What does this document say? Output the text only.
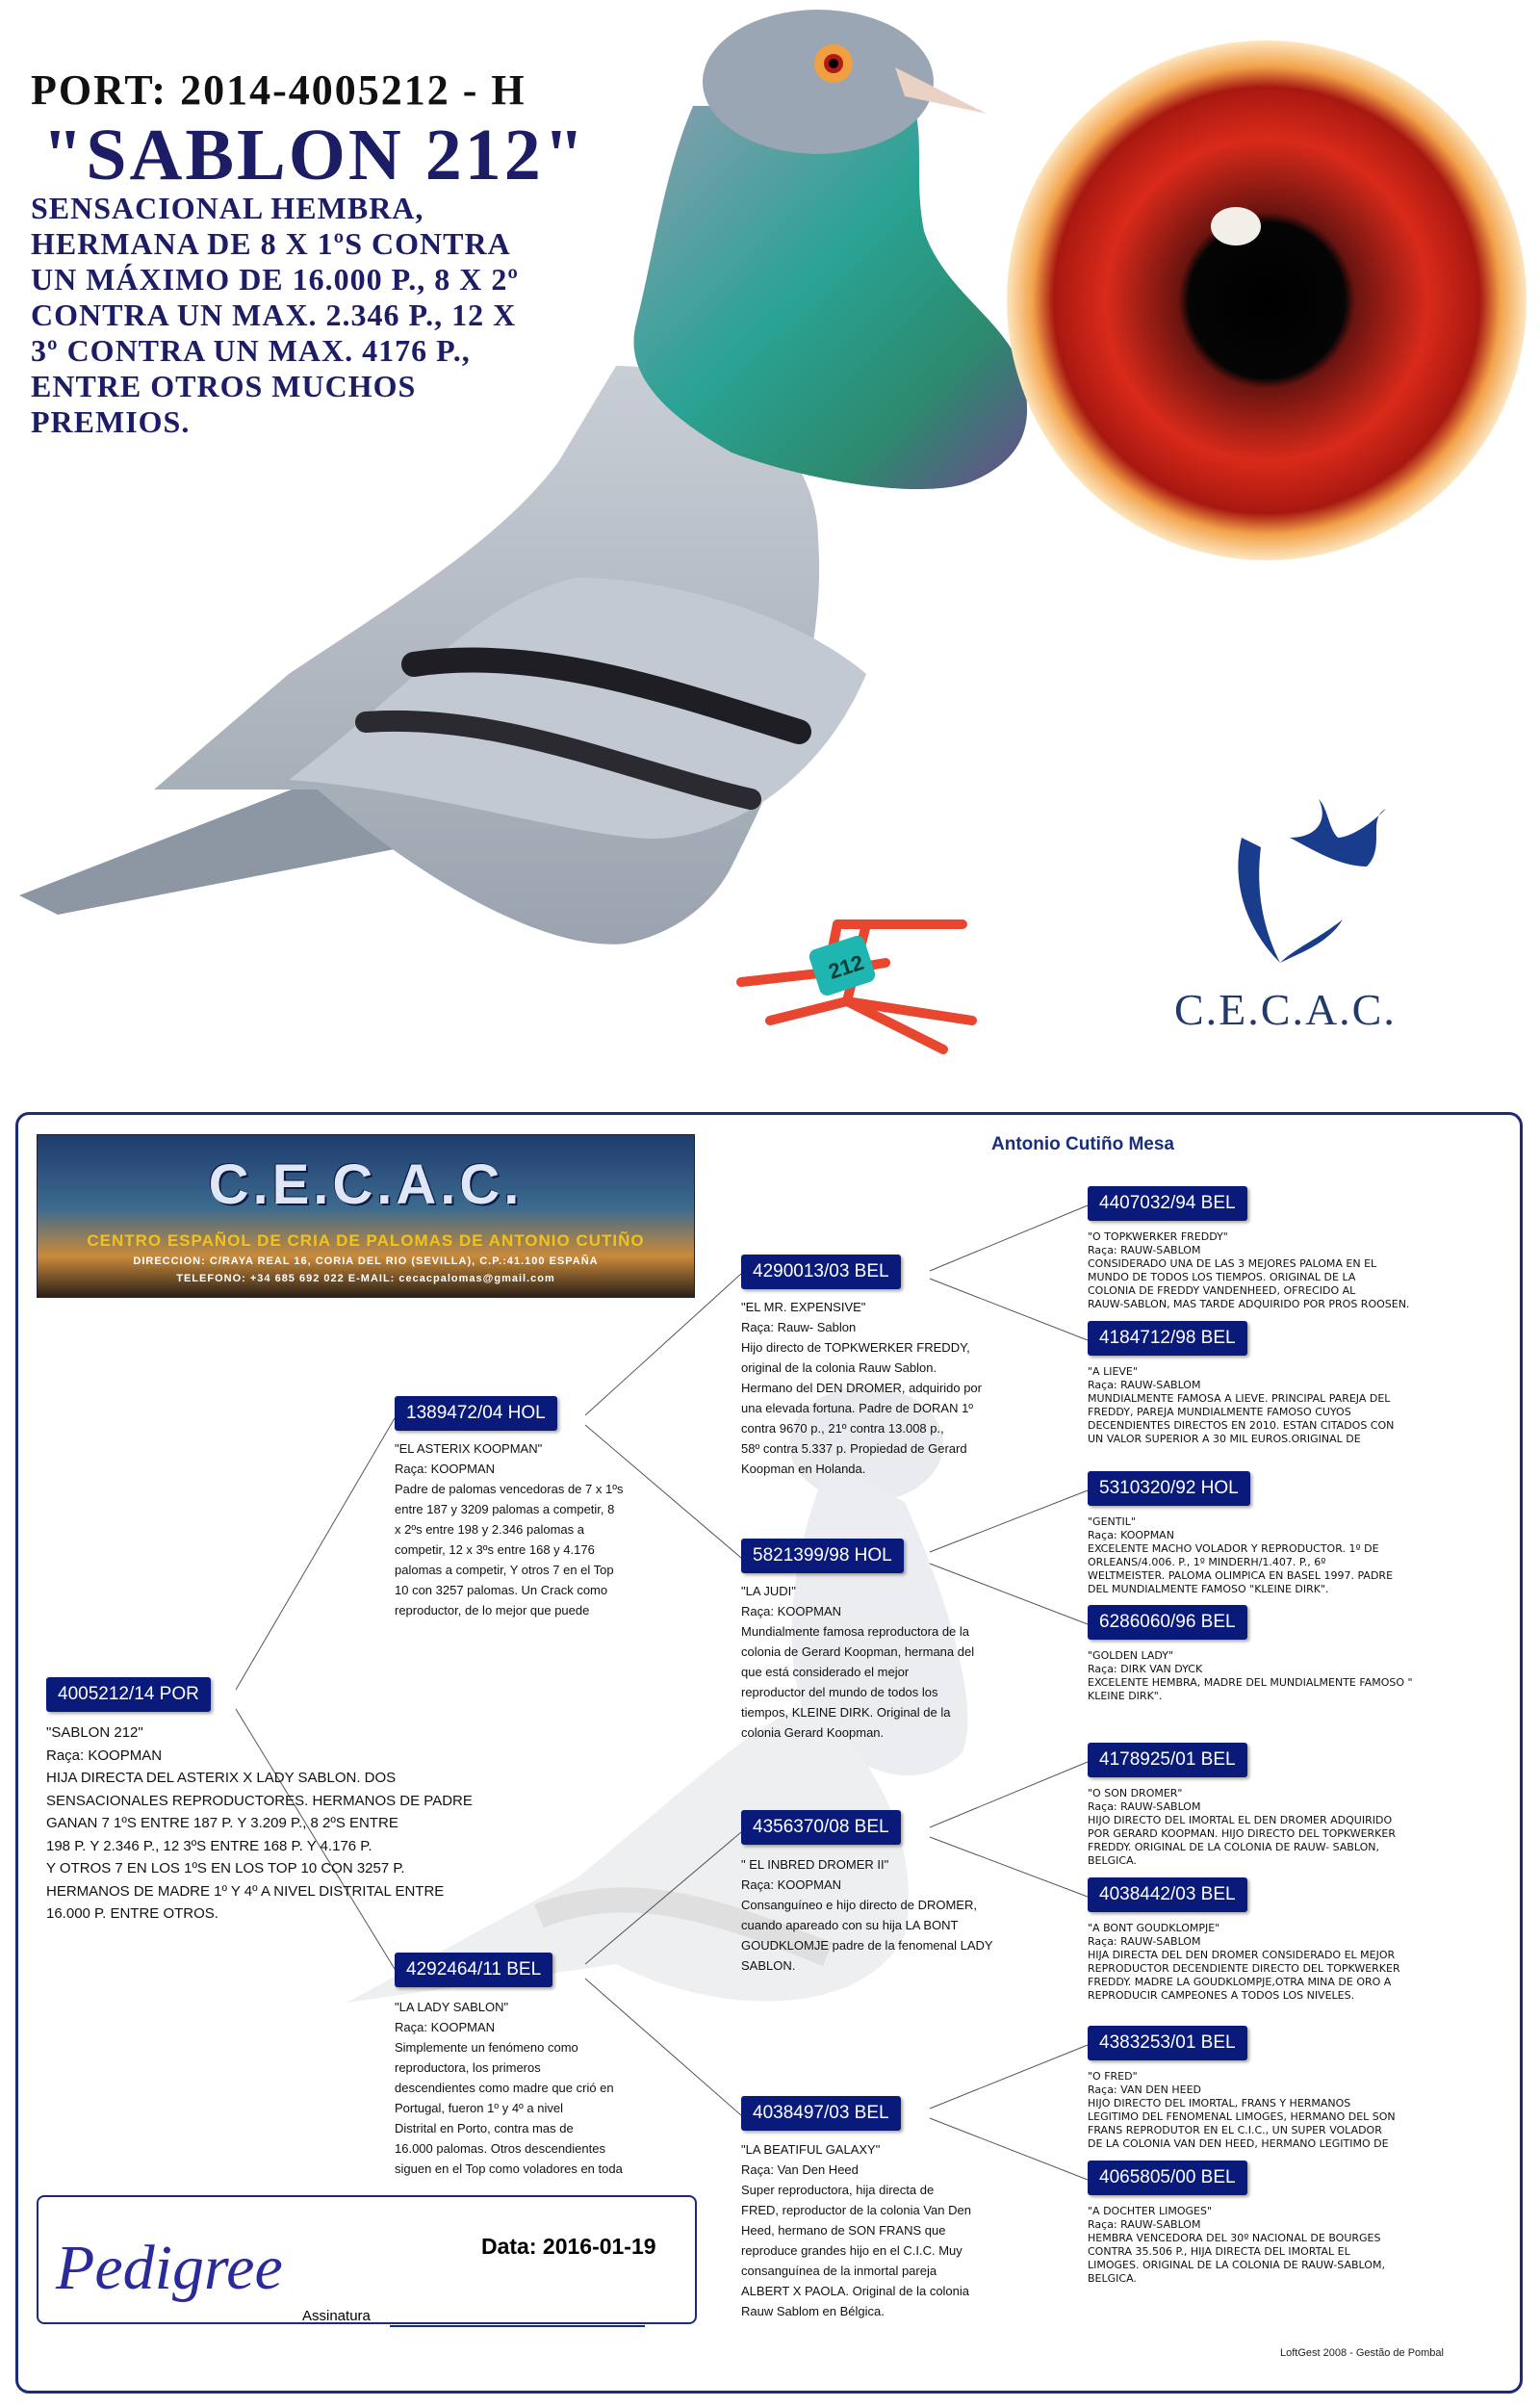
212
PORT: 2014-4005212 - H
"SABLON 212"
SENSACIONAL HEMBRA,
HERMANA DE 8 X 1ºS CONTRA
UN MÁXIMO DE 16.000 P., 8 X 2º
CONTRA UN MAX. 2.346 P., 12 X
3º CONTRA UN MAX. 4176 P.,
ENTRE OTROS MUCHOS
PREMIOS.
C.E.C.A.C.
Antonio Cutiño Mesa
C.E.C.A.C.
CENTRO ESPAÑOL DE CRIA DE PALOMAS DE ANTONIO CUTIÑO
DIRECCION: C/RAYA REAL 16, CORIA DEL RIO (SEVILLA), C.P.:41.100 ESPAÑA
TELEFONO: +34 685 692 022 E-MAIL: cecacpalomas@gmail.com
4005212/14 POR
"SABLON 212"
Raça: KOOPMAN
HIJA DIRECTA DEL ASTERIX X LADY SABLON. DOS
SENSACIONALES REPRODUCTORES. HERMANOS DE PADRE
GANAN 7 1ºS ENTRE 187 P. Y 3.209 P., 8 2ºS ENTRE
198 P. Y 2.346 P., 12 3ºS ENTRE 168 P. Y 4.176 P.
Y OTROS 7 EN LOS 1ºS EN LOS TOP 10 CON 3257 P.
HERMANOS DE MADRE 1º Y 4º A NIVEL DISTRITAL ENTRE
16.000 P. ENTRE OTROS.
1389472/04 HOL
"EL ASTERIX KOOPMAN"
Raça: KOOPMAN
Padre de palomas vencedoras de 7 x 1ºs
entre 187 y 3209 palomas a competir, 8
x 2ºs entre 198 y 2.346 palomas a
competir, 12 x 3ºs entre 168 y 4.176
palomas a competir, Y otros 7 en el Top
10 con 3257 palomas. Un Crack como
reproductor, de lo mejor que puede
4292464/11 BEL
"LA LADY SABLON"
Raça: KOOPMAN
Simplemente un fenómeno como
reproductora, los primeros
descendientes como madre que crió en
Portugal, fueron 1º y 4º a nivel
Distrital en Porto, contra mas de
16.000 palomas. Otros descendientes
siguen en el Top como voladores en toda
4290013/03 BEL
"EL MR. EXPENSIVE"
Raça: Rauw- Sablon
Hijo directo de TOPKWERKER FREDDY,
original de la colonia Rauw Sablon.
Hermano del DEN DROMER, adquirido por
una elevada fortuna. Padre de DORAN 1º
contra 9670 p., 21º contra 13.008 p.,
58º contra 5.337 p. Propiedad de Gerard
Koopman en Holanda.
5821399/98 HOL
"LA JUDI"
Raça: KOOPMAN
Mundialmente famosa reproductora de la
colonia de Gerard Koopman, hermana del
que está considerado el mejor
reproductor del mundo de todos los
tiempos, KLEINE DIRK. Original de la
colonia Gerard Koopman.
4356370/08 BEL
" EL INBRED DROMER II"
Raça: KOOPMAN
Consanguíneo e hijo directo de DROMER,
cuando apareado con su hija LA BONT
GOUDKLOMJE padre de la fenomenal LADY
SABLON.
4038497/03 BEL
"LA BEATIFUL GALAXY"
Raça: Van Den Heed
Super reproductora, hija directa de
FRED, reproductor de la colonia Van Den
Heed, hermano de SON FRANS que
reproduce grandes hijo en el C.I.C. Muy
consanguínea de la inmortal pareja
ALBERT X PAOLA. Original de la colonia
Rauw Sablom en Bélgica.
4407032/94 BEL
"O TOPKWERKER FREDDY"
Raça: RAUW-SABLOM
CONSIDERADO UNA DE LAS 3 MEJORES PALOMA EN EL
MUNDO DE TODOS LOS TIEMPOS. ORIGINAL DE LA
COLONIA DE FREDDY VANDENHEED, OFRECIDO AL
RAUW-SABLON, MAS TARDE ADQUIRIDO POR PROS ROOSEN.
4184712/98 BEL
"A LIEVE"
Raça: RAUW-SABLOM
MUNDIALMENTE FAMOSA A LIEVE. PRINCIPAL PAREJA DEL
FREDDY, PAREJA MUNDIALMENTE FAMOSO CUYOS
DECENDIENTES DIRECTOS EN 2010. ESTAN CITADOS CON
UN VALOR SUPERIOR A 30 MIL EUROS.ORIGINAL DE
5310320/92 HOL
"GENTIL"
Raça: KOOPMAN
EXCELENTE MACHO VOLADOR Y REPRODUCTOR. 1º DE
ORLEANS/4.006. P., 1º MINDERH/1.407. P., 6º
WELTMEISTER. PALOMA OLIMPICA EN BASEL 1997. PADRE
DEL MUNDIALMENTE FAMOSO "KLEINE DIRK".
6286060/96 BEL
"GOLDEN LADY"
Raça: DIRK VAN DYCK
EXCELENTE HEMBRA, MADRE DEL MUNDIALMENTE FAMOSO "
KLEINE DIRK".
4178925/01 BEL
"O SON DROMER"
Raça: RAUW-SABLOM
HIJO DIRECTO DEL IMORTAL EL DEN DROMER ADQUIRIDO
POR GERARD KOOPMAN. HIJO DIRECTO DEL TOPKWERKER
FREDDY. ORIGINAL DE LA COLONIA DE RAUW- SABLON,
BELGICA.
4038442/03 BEL
"A BONT GOUDKLOMPJE"
Raça: RAUW-SABLOM
HIJA DIRECTA DEL DEN DROMER CONSIDERADO EL MEJOR
REPRODUCTOR DECENDIENTE DIRECTO DEL TOPKWERKER
FREDDY. MADRE LA GOUDKLOMPJE,OTRA MINA DE ORO A
REPRODUCIR CAMPEONES A TODOS LOS NIVELES.
4383253/01 BEL
"O FRED"
Raça: VAN DEN HEED
HIJO DIRECTO DEL IMORTAL, FRANS Y HERMANOS
LEGITIMO DEL FENOMENAL LIMOGES, HERMANO DEL SON
FRANS REPRODUTOR EN EL C.I.C., UN SUPER VOLADOR
DE LA COLONIA VAN DEN HEED, HERMANO LEGITIMO DE
4065805/00 BEL
"A DOCHTER LIMOGES"
Raça: RAUW-SABLOM
HEMBRA VENCEDORA DEL 30º NACIONAL DE BOURGES
CONTRA 35.506 P., HIJA DIRECTA DEL IMORTAL EL
LIMOGES. ORIGINAL DE LA COLONIA DE RAUW-SABLOM,
BELGICA.
Pedigree	Data: 2016-01-19
Assinatura
LoftGest 2008 - Gestão de Pombal
